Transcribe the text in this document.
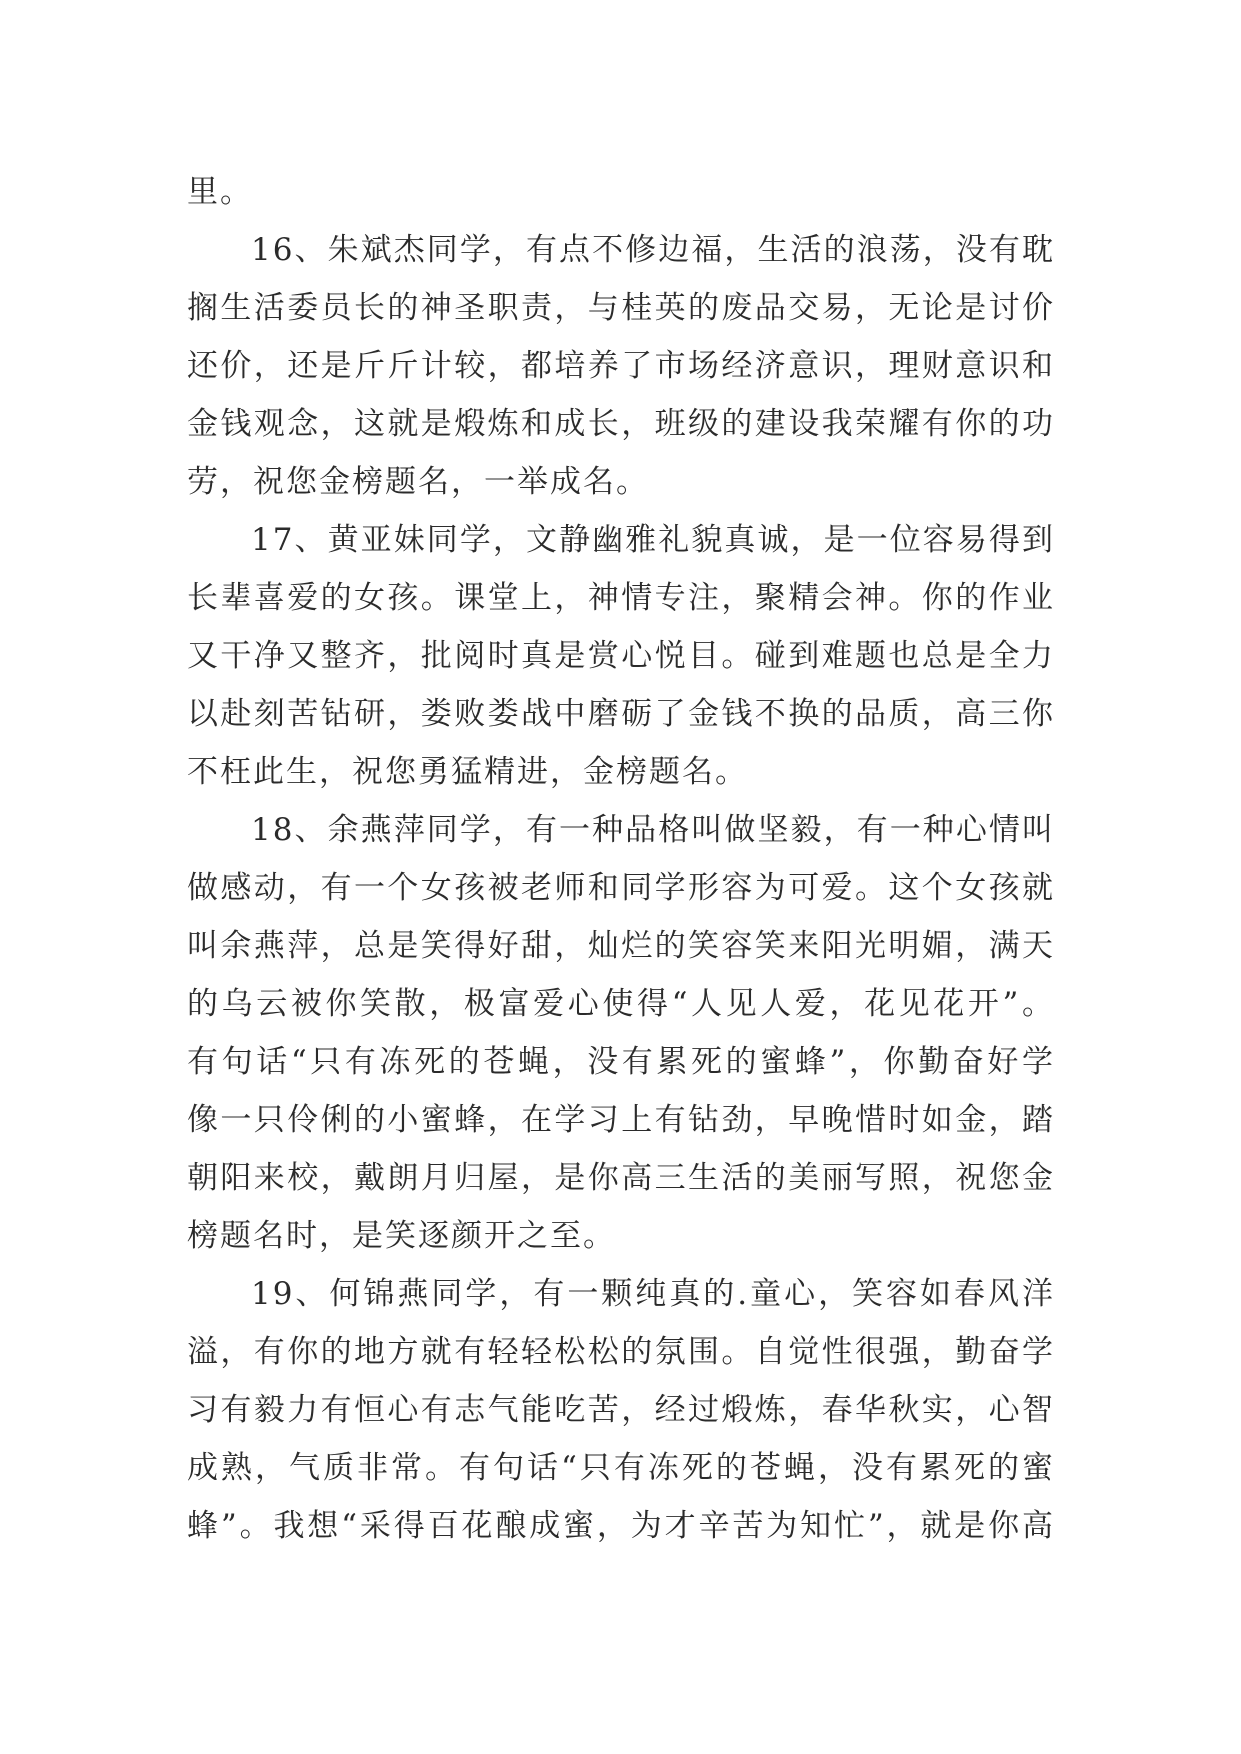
里。
16、朱斌杰同学，有点不修边福，生活的浪荡，没有耽
搁生活委员长的神圣职责，与桂英的废品交易，无论是讨价
还价，还是斤斤计较，都培养了市场经济意识，理财意识和
金钱观念，这就是煅炼和成长，班级的建设我荣耀有你的功
劳，祝您金榜题名，一举成名。
17、黄亚妹同学，文静幽雅礼貌真诚，是一位容易得到
长辈喜爱的女孩。课堂上，神情专注，聚精会神。你的作业
又干净又整齐，批阅时真是赏心悦目。碰到难题也总是全力
以赴刻苦钻研，娄败娄战中磨砺了金钱不换的品质，高三你
不枉此生，祝您勇猛精进，金榜题名。
18、余燕萍同学，有一种品格叫做坚毅，有一种心情叫
做感动，有一个女孩被老师和同学形容为可爱。这个女孩就
叫余燕萍，总是笑得好甜，灿烂的笑容笑来阳光明媚，满天
的乌云被你笑散，极富爱心使得“人见人爱，花见花开”。
有句话“只有冻死的苍蝇，没有累死的蜜蜂”，你勤奋好学
像一只伶俐的小蜜蜂，在学习上有钻劲，早晚惜时如金，踏
朝阳来校，戴朗月归屋，是你高三生活的美丽写照，祝您金
榜题名时，是笑逐颜开之至。
19、何锦燕同学，有一颗纯真的.童心，笑容如春风洋
溢，有你的地方就有轻轻松松的氛围。自觉性很强，勤奋学
习有毅力有恒心有志气能吃苦，经过煅炼，春华秋实，心智
成熟，气质非常。有句话“只有冻死的苍蝇，没有累死的蜜
蜂”。我想“采得百花酿成蜜，为才辛苦为知忙”，就是你高
